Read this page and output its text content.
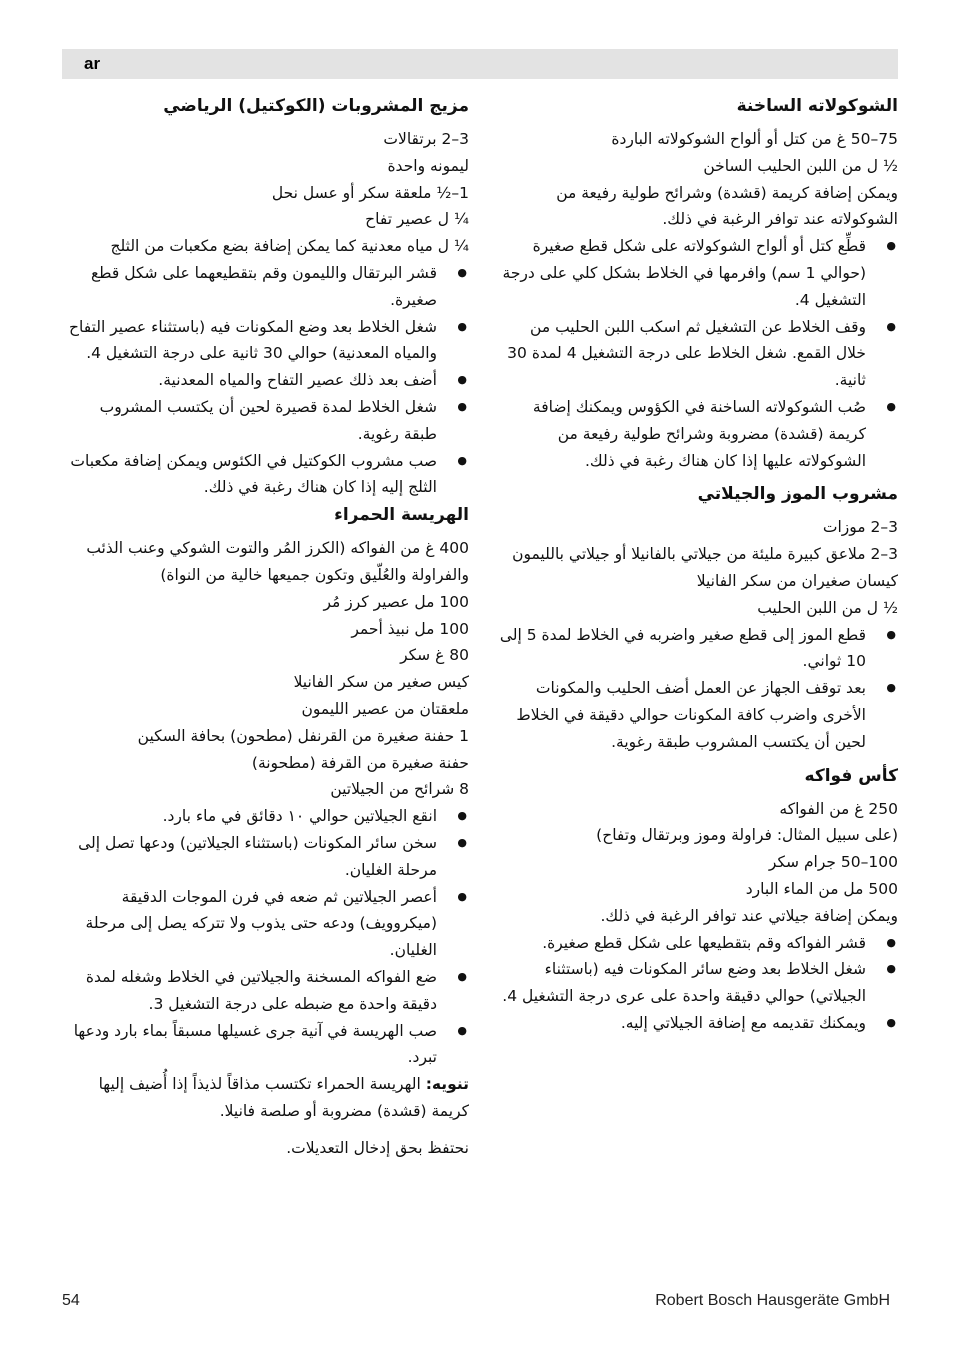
ar
الشوكولاته الساخنة

75–50 غ من كتل أو ألواح الشوكولاته الباردة

½ ل من اللبن الحليب الساخن

ويمكن إضافة كريمة (قشدة) وشرائح طولية رفيعة من الشوكولاته عند توافر الرغبة في ذلك.

● قطِّع كتل أو ألواح الشوكولاته على شكل قطع صغيرة (حوالي 1 سم) وافرمها في الخلاط بشكل كلي على درجة التشغيل 4.
● وقف الخلاط عن التشغيل ثم اسكب اللبن الحليب من خلال القمع. شغل الخلاط على درجة التشغيل 4 لمدة 30 ثانية.
● صُب الشوكولاته الساخنة في الكؤوس ويمكنك إضافة كريمة (قشدة) مضروبة وشرائح طولية رفيعة من الشوكولاته عليها إذا كان هناك رغبة في ذلك.
مشروب الموز والجيلاتي

3–2 موزات

3–2 ملاعق كبيرة مليئة من جيلاتي بالفانيلا أو جيلاتي بالليمون

كيسان صغيران من سكر الفانيلا

½ ل من اللبن الحليب

● قطع الموز إلى قطع صغير واضربه في الخلاط لمدة 5 إلى 10 ثواني.
● بعد توقف الجهاز عن العمل أضف الحليب والمكونات الأخرى واضرب كافة المكونات حوالي دقيقة في الخلاط لحين أن يكتسب المشروب طبقة رغوية.
كأس فواكه

250 غ من الفواكه

(على سبيل المثال: فراولة وموز وبرتقال وتفاح)

100–50 جرام سكر

500 مل من الماء البارد

ويمكن إضافة جيلاتي عند توافر الرغبة في ذلك.

● قشر الفواكه وقم بتقطيعها على شكل قطع صغيرة.
● شغل الخلاط بعد وضع سائر المكونات فيه (باستثناء الجيلاتي) حوالي دقيقة واحدة على عرى درجة التشغيل 4.
● ويمكنك تقديمه مع إضافة الجيلاتي إليه.
مزيج المشروبات (الكوكتيل) الرياضي

3–2 برتقالات

ليمونه واحدة

1–½ ملعقة سكر أو عسل نحل

¼ ل عصير تفاح

¼ ل مياه معدنية كما يمكن إضافة بضع مكعبات من الثلج

● قشر البرتقال والليمون وقم بتقطيعهما على شكل قطع صغيرة.
● شغل الخلاط بعد وضع المكونات فيه (باستثناء عصير التفاح والمياه المعدنية) حوالي 30 ثانية على درجة التشغيل 4.
● أضف بعد ذلك عصير التفاح والمياه المعدنية.
● شغل الخلاط لمدة قصيرة لحين أن يكتسب المشروب طبقة رغوية.
● صب مشروب الكوكتيل في الكئوس ويمكن إضافة مكعبات الثلج إليه إذا كان هناك رغبة في ذلك.
الهريسة الحمراء

400 غ من الفواكه (الكرز المُر والتوت الشوكي وعنب الذئب والفراولة والعُلّيق وتكون جميعها خالية من النواة)

100 مل عصير كرز مُر

100 مل نبيذ أحمر

80 غ سكر

كيس صغير من سكر الفانيلا

ملعقتان من عصير الليمون

1 حفنة صغيرة من القرنفل (مطحون) بحافة السكين

حفنة صغيرة من القرفة (مطحونة)

8 شرائح من الجيلاتين

● انقع الجيلاتين حوالي ١٠ دقائق في ماء بارد.
● سخن سائر المكونات (باستثناء الجيلاتين) ودعها تصل إلى مرحلة الغليان.
● أعصر الجيلاتين ثم ضعه في فرن الموجات الدقيقة (ميكروويف) ودعه حتى يذوب ولا تتركه يصل إلى مرحلة الغليان.
● ضع الفواكه المسخنة والجيلاتين في الخلاط وشغله لمدة دقيقة واحدة مع ضبطه على درجة التشغيل 3.
● صب الهريسة في آنية جرى غسيلها مسبقاً بماء بارد ودعها تبرد.

تنويه: الهريسة الحمراء تكتسب مذاقاً لذيذاً إذا أُضيف إليها كريمة (قشدة) مضروبة أو صلصة فانيلا.

نحتفظ بحق إدخال التعديلات.

54	Robert Bosch Hausgeräte GmbH
